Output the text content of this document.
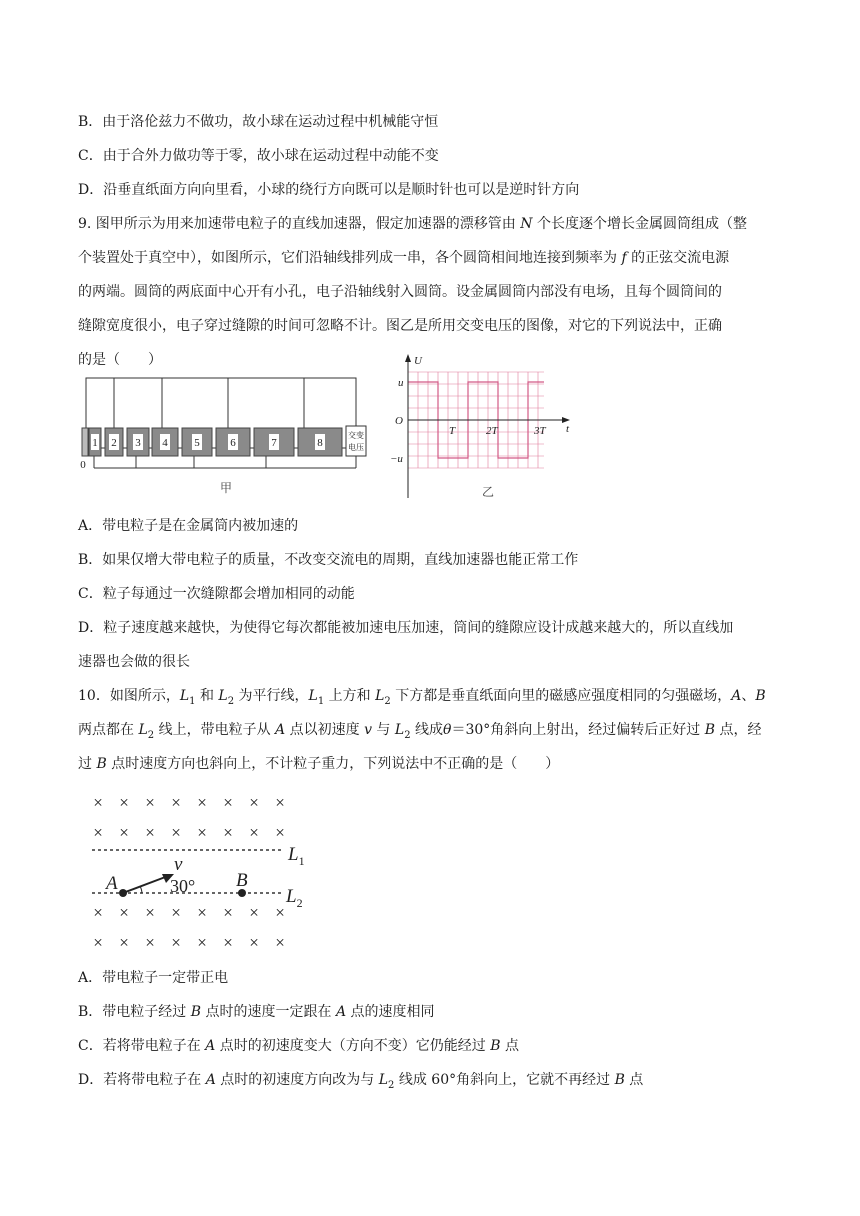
B．由于洛伦兹力不做功，故小球在运动过程中机械能守恒
C．由于合外力做功等于零，故小球在运动过程中动能不变
D．沿垂直纸面方向向里看，小球的绕行方向既可以是顺时针也可以是逆时针方向
9. 图甲所示为用来加速带电粒子的直线加速器，假定加速器的漂移管由 N 个长度逐个增长金属圆筒组成（整
个装置处于真空中），如图所示，它们沿轴线排列成一串，各个圆筒相间地连接到频率为 f 的正弦交流电源
的两端。圆筒的两底面中心开有小孔，电子沿轴线射入圆筒。设金属圆筒内部没有电场，且每个圆筒间的
缝隙宽度很小，电子穿过缝隙的时间可忽略不计。图乙是所用交变电压的图像，对它的下列说法中，正确
的是（　　）
1 2 3 4 5	6	7	8
0
交变
电压
甲
U
u
O
−u
T	2T	3T t
乙
A．带电粒子是在金属筒内被加速的
B．如果仅增大带电粒子的质量，不改变交流电的周期，直线加速器也能正常工作
C．粒子每通过一次缝隙都会增加相同的动能
D．粒子速度越来越快，为使得它每次都能被加速电压加速，筒间的缝隙应设计成越来越大的，所以直线加
速器也会做的很长
10．如图所示，$L_1$ 和 $L_2$ 为平行线，$L_1$ 上方和 $L_2$ 下方都是垂直纸面向里的磁感应强度相同的匀强磁场，A、B
两点都在 $L_2$ 线上，带电粒子从 A 点以初速度 v 与 $L_2$ 线成θ＝30°角斜向上射出，经过偏转后正好过 B 点，经
过 B 点时速度方向也斜向上，不计粒子重力，下列说法中不正确的是（　　）
× × × × × × × ×
× × × × × × × ×
× × × × × × × ×
× × × × × × × ×
$L_1$
$L_2$
A	B
v
30°
A．带电粒子一定带正电
B．带电粒子经过 B 点时的速度一定跟在 A 点的速度相同
C．若将带电粒子在 A 点时的初速度变大（方向不变）它仍能经过 B 点
D．若将带电粒子在 A 点时的初速度方向改为与 $L_2$ 线成 60°角斜向上，它就不再经过 B 点
